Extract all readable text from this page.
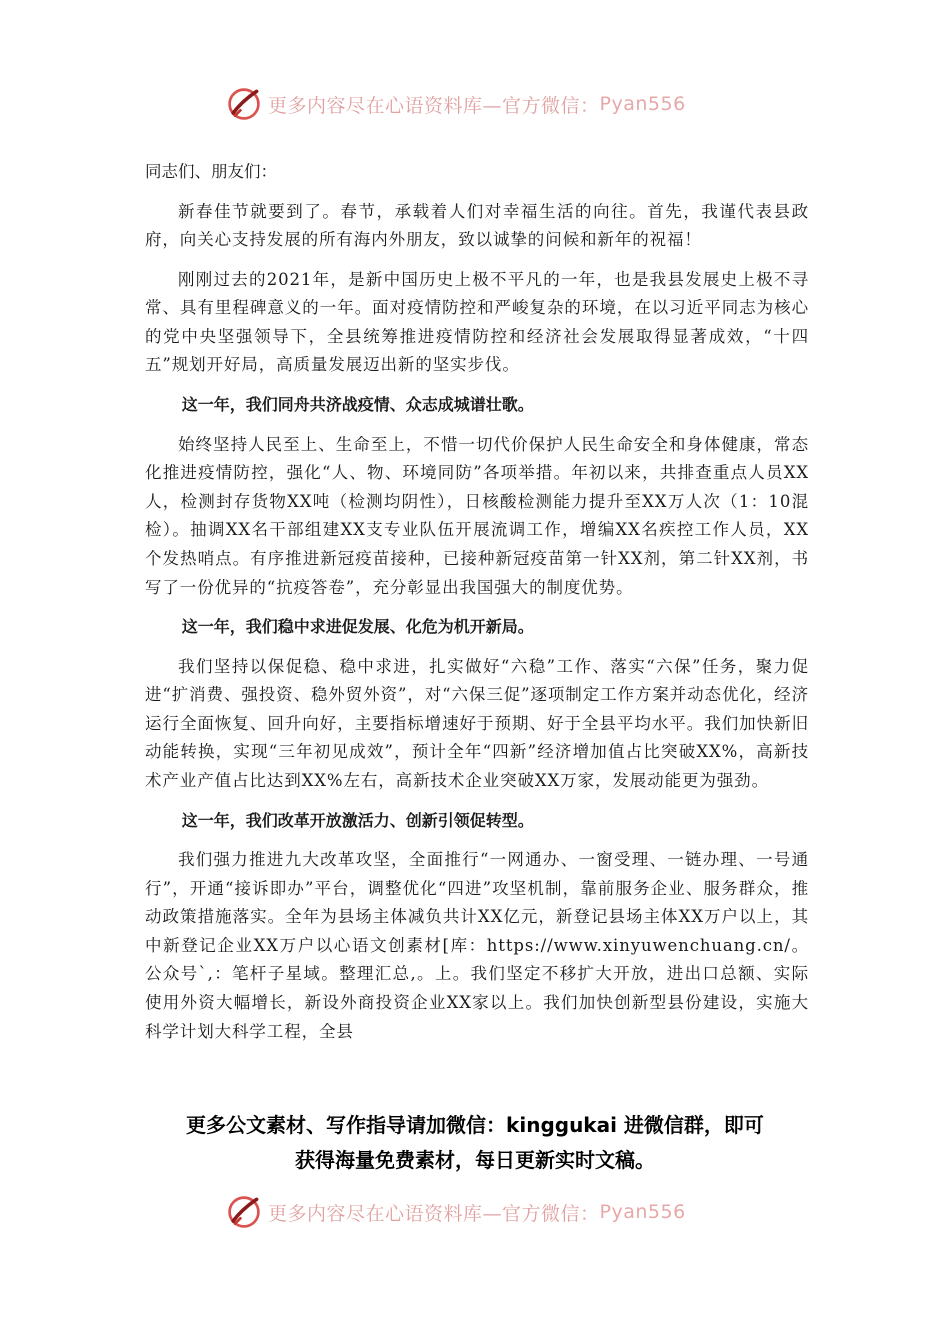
更多内容尽在心语资料库—官方微信： Pyan556

同志们、朋友们：

新春佳节就要到了。春节，承载着人们对幸福生活的向往。首先，我谨代表县政府，向关心支持发展的所有海内外朋友，致以诚挚的问候和新年的祝福！

刚刚过去的2021年，是新中国历史上极不平凡的一年，也是我县发展史上极不寻常、具有里程碑意义的一年。面对疫情防控和严峻复杂的环境，在以习近平同志为核心的党中央坚强领导下，全县统筹推进疫情防控和经济社会发展取得显著成效，“十四五”规划开好局，高质量发展迈出新的坚实步伐。

这一年，我们同舟共济战疫情、众志成城谱壮歌。

始终坚持人民至上、生命至上，不惜一切代价保护人民生命安全和身体健康，常态化推进疫情防控，强化“人、物、环境同防”各项举措。年初以来，共排查重点人员XX人，检测封存货物XX吨（检测均阴性），日核酸检测能力提升至XX万人次（1：10混检）。抽调XX名干部组建XX支专业队伍开展流调工作，增编XX名疾控工作人员，XX个发热哨点。有序推进新冠疫苗接种，已接种新冠疫苗第一针XX剂，第二针XX剂，书写了一份优异的“抗疫答卷”，充分彰显出我国强大的制度优势。

这一年，我们稳中求进促发展、化危为机开新局。

我们坚持以保促稳、稳中求进，扎实做好“六稳”工作、落实“六保”任务，聚力促进“扩消费、强投资、稳外贸外资”，对“六保三促”逐项制定工作方案并动态优化，经济运行全面恢复、回升向好，主要指标增速好于预期、好于全县平均水平。我们加快新旧动能转换，实现“三年初见成效”，预计全年“四新”经济增加值占比突破XX%，高新技术产业产值占比达到XX%左右，高新技术企业突破XX万家，发展动能更为强劲。

这一年，我们改革开放激活力、创新引领促转型。

我们强力推进九大改革攻坚，全面推行“一网通办、一窗受理、一链办理、一号通行”，开通“接诉即办”平台，调整优化“四进”攻坚机制，靠前服务企业、服务群众，推动政策措施落实。全年为县场主体减负共计XX亿元，新登记县场主体XX万户以上，其中新登记企业XX万户以心语文创素材[库：https://www.xinyuwenchuang.cn/。公众号`,：笔杆子星域。整理汇总,。上。我们坚定不移扩大开放，进出口总额、实际使用外资大幅增长，新设外商投资企业XX家以上。我们加快创新型县份建设，实施大科学计划大科学工程，全县

更多公文素材、写作指导请加微信：kinggukai 进微信群，即可
获得海量免费素材，每日更新实时文稿。
更多内容尽在心语资料库—官方微信： Pyan556
